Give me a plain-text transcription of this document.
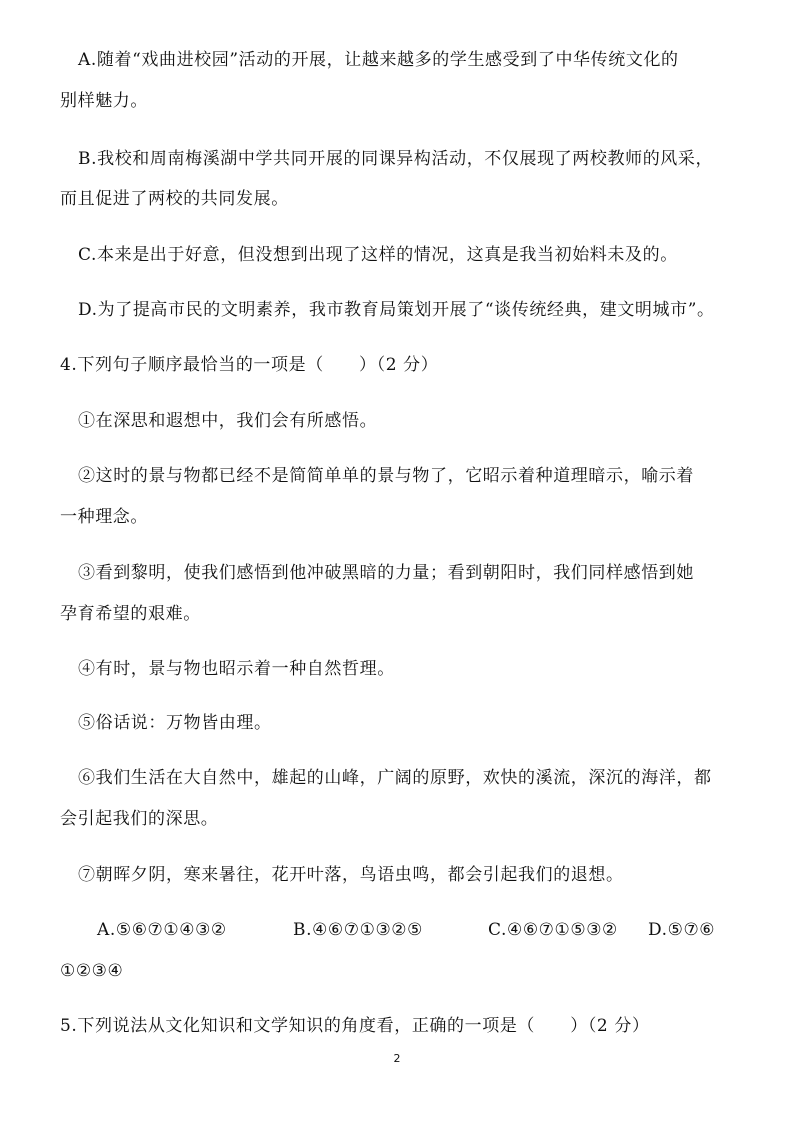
A.随着“戏曲进校园”活动的开展，让越来越多的学生感受到了中华传统文化的
别样魅力。
B.我校和周南梅溪湖中学共同开展的同课异构活动，不仅展现了两校教师的风采，
而且促进了两校的共同发展。
C.本来是出于好意，但没想到出现了这样的情况，这真是我当初始料未及的。
D.为了提高市民的文明素养，我市教育局策划开展了“谈传统经典，建文明城市”。
4.下列句子顺序最恰当的一项是（　　）（2 分）
①在深思和遐想中，我们会有所感悟。
②这时的景与物都已经不是简简单单的景与物了，它昭示着种道理暗示，喻示着
一种理念。
③看到黎明，使我们感悟到他冲破黑暗的力量；看到朝阳时，我们同样感悟到她
孕育希望的艰难。
④有时，景与物也昭示着一种自然哲理。
⑤俗话说：万物皆由理。
⑥我们生活在大自然中，雄起的山峰，广阔的原野，欢快的溪流，深沉的海洋，都
会引起我们的深思。
⑦朝晖夕阴，寒来暑往，花开叶落，鸟语虫鸣，都会引起我们的退想。
A.⑤⑥⑦①④③②	B.④⑥⑦①③②⑤	C.④⑥⑦①⑤③② D.⑤⑦⑥
①②③④
5.下列说法从文化知识和文学知识的角度看，正确的一项是（　　）（2 分）
2
